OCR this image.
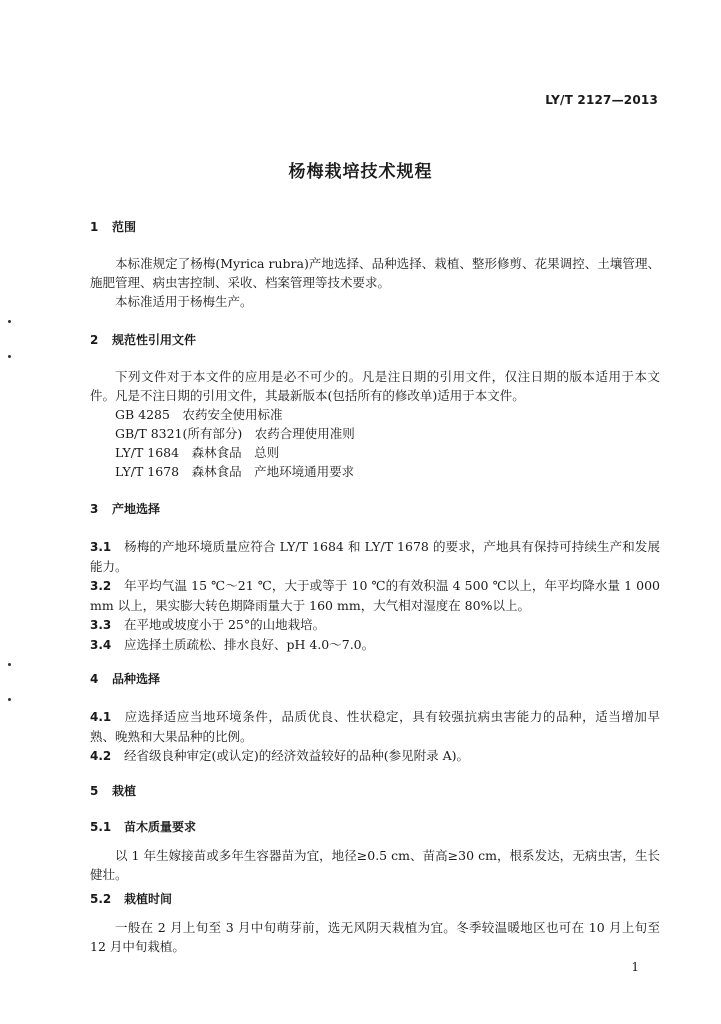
LY/T 2127—2013
杨梅栽培技术规程
1 范围

本标准规定了杨梅(Myrica rubra)产地选择、品种选择、栽植、整形修剪、花果调控、土壤管理、施肥管理、病虫害控制、采收、档案管理等技术要求。

本标准适用于杨梅生产。

2 规范性引用文件

下列文件对于本文件的应用是必不可少的。凡是注日期的引用文件，仅注日期的版本适用于本文件。凡是不注日期的引用文件，其最新版本(包括所有的修改单)适用于本文件。

GB 4285　农药安全使用标准
GB/T 8321(所有部分)　农药合理使用准则
LY/T 1684　森林食品　总则
LY/T 1678　森林食品　产地环境通用要求
3 产地选择
3.1 杨梅的产地环境质量应符合 LY/T 1684 和 LY/T 1678 的要求，产地具有保持可持续生产和发展能力。
3.2 年平均气温 15 ℃～21 ℃，大于或等于 10 ℃的有效积温 4 500 ℃以上，年平均降水量 1 000 mm 以上，果实膨大转色期降雨量大于 160 mm，大气相对湿度在 80%以上。
3.3 在平地或坡度小于 25°的山地栽培。
3.4 应选择土质疏松、排水良好、pH 4.0～7.0。
4 品种选择
4.1 应选择适应当地环境条件，品质优良、性状稳定，具有较强抗病虫害能力的品种，适当增加早熟、晚熟和大果品种的比例。
4.2 经省级良种审定(或认定)的经济效益较好的品种(参见附录 A)。
5 栽植
5.1 苗木质量要求

以 1 年生嫁接苗或多年生容器苗为宜，地径≥0.5 cm、苗高≥30 cm，根系发达，无病虫害，生长健壮。

5.2 栽植时间

一般在 2 月上旬至 3 月中旬萌芽前，选无风阴天栽植为宜。冬季较温暖地区也可在 10 月上旬至 12 月中旬栽植。

1
